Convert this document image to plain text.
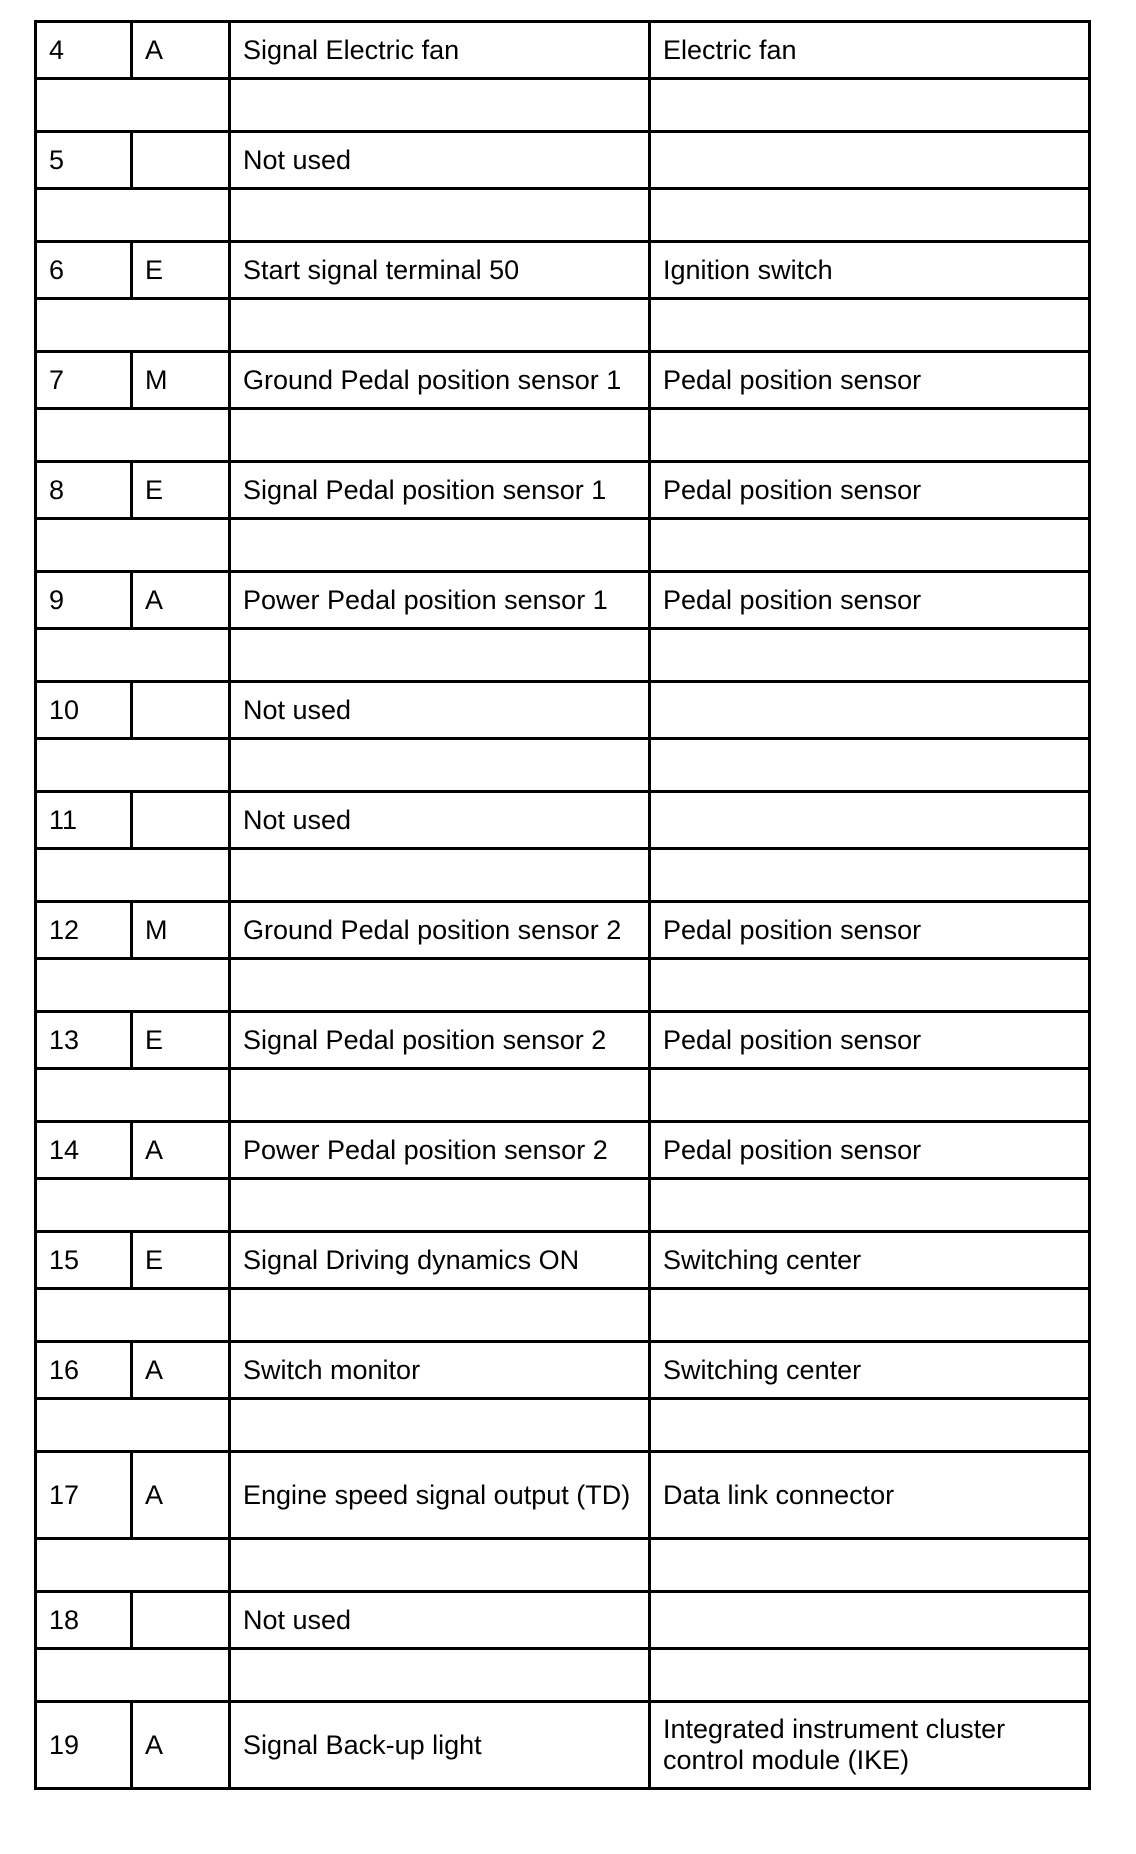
4	A	Signal Electric fan	Electric fan

5		Not used	

6	E	Start signal terminal 50	Ignition switch

7	M	Ground Pedal position sensor 1	Pedal position sensor

8	E	Signal Pedal position sensor 1	Pedal position sensor

9	A	Power Pedal position sensor 1	Pedal position sensor

10		Not used	

11		Not used	

12	M	Ground Pedal position sensor 2	Pedal position sensor

13	E	Signal Pedal position sensor 2	Pedal position sensor

14	A	Power Pedal position sensor 2	Pedal position sensor

15	E	Signal Driving dynamics ON	Switching center

16	A	Switch monitor	Switching center

17	A	Engine speed signal output (TD)	Data link connector

18		Not used	

19	A	Signal Back-up light	Integrated instrument cluster control module (IKE)
